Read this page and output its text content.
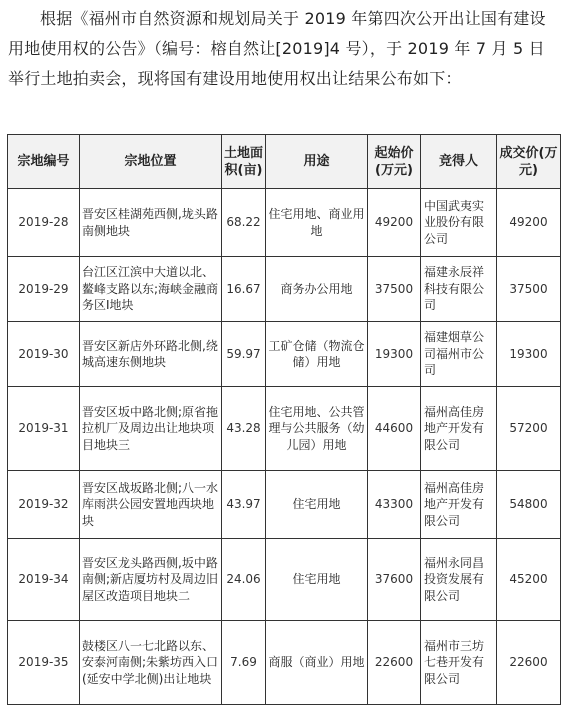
根据《福州市自然资源和规划局关于 2019 年第四次公开出让国有建设用地使用权的公告》（编号：榕自然让[2019]4 号），于 2019 年 7 月 5 日举行土地拍卖会，现将国有建设用地使用权出让结果公布如下：

宗地编号	宗地位置	土地面积(亩)	用途	起始价(万元)	竞得人	成交价(万元)
2019-28	晋安区桂湖苑西侧,垅头路南侧地块	68.22	住宅用地、商业用地	49200	中国武夷实业股份有限公司	49200
2019-29	台江区江滨中大道以北、鳌峰支路以东;海峡金融商务区Ⅰ地块	16.67	商务办公用地	37500	福建永辰祥科技有限公司	37500
2019-30	晋安区新店外环路北侧,绕城高速东侧地块	59.97	工矿仓储（物流仓储）用地	19300	福建烟草公司福州市公司	19300
2019-31	晋安区坂中路北侧;原省拖拉机厂及周边出让地块项目地块三	43.28	住宅用地、公共管理与公共服务（幼儿园）用地	44600	福州高佳房地产开发有限公司	57200
2019-32	晋安区战坂路北侧;八一水库雨洪公园安置地西块地块	43.97	住宅用地	43300	福州高佳房地产开发有限公司	54800
2019-34	晋安区龙头路西侧,坂中路南侧;新店厦坊村及周边旧屋区改造项目地块二	24.06	住宅用地	37600	福州永同昌投资发展有限公司	45200
2019-35	鼓楼区八一七北路以东、安泰河南侧;朱紫坊西入口(延安中学北侧)出让地块	7.69	商服（商业）用地	22600	福州市三坊七巷开发有限公司	22600
